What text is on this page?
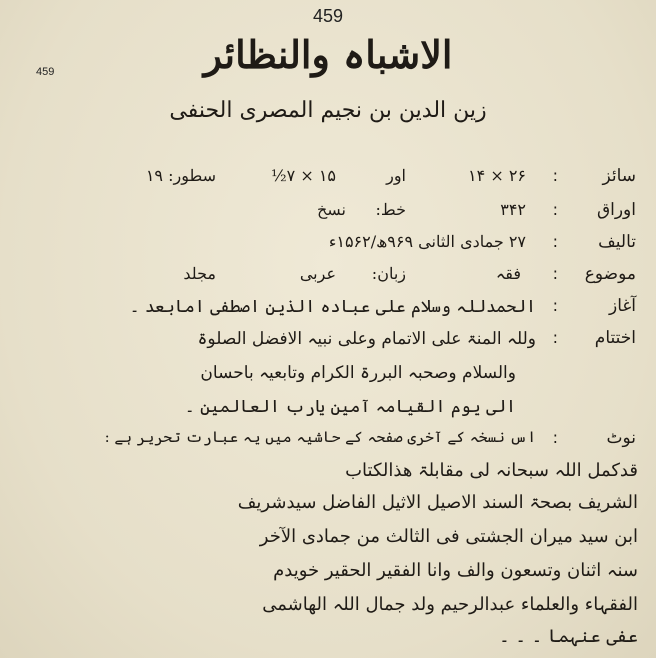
459
459	الاشباہ والنظائر
زین الدین بن نجیم المصری الحنفی
سائز
:
۲۶ × ۱۴
اور
۱۵ × ۷½
سطور: ۱۹
اوراق
:
۳۴۲
خط:
نسخ
تالیف
:
۲۷ جمادی الثانی ۹۶۹ھ/۱۵۶۲ء
موضوع
:
فقہ
زبان:
عربی
مجلد
آغاز
:
الحمدللہ وسلام علی عبادہ الذین اصطفی امابعد ۔
اختتام
:
وللہ المنۃ علی الاتمام وعلی نبیہ الافضل الصلوۃ
والسلام وصحبہ البررۃ الکرام وتابعیہ باحسان
الی یوم القیامہ آمین یارب العالمین ۔
نوٹ
:
اس نسخہ کے آخری صفحہ کے حاشیہ میں یہ عبارت تحریر ہے :
قدکمل اللہ سبحانہ لی مقابلۃ ھذالکتاب
الشریف بصحۃ السند الاصیل الاثیل الفاضل سیدشریف
ابن سید میران الجشتی فی الثالث من جمادی الآخر
سنہ اثنان وتسعون والف وانا الفقیر الحقیر خویدم
الفقہاء والعلماء عبدالرحیم ولد جمال اللہ الھاشمی
عفی عنہما ۔ ۔ ۔
